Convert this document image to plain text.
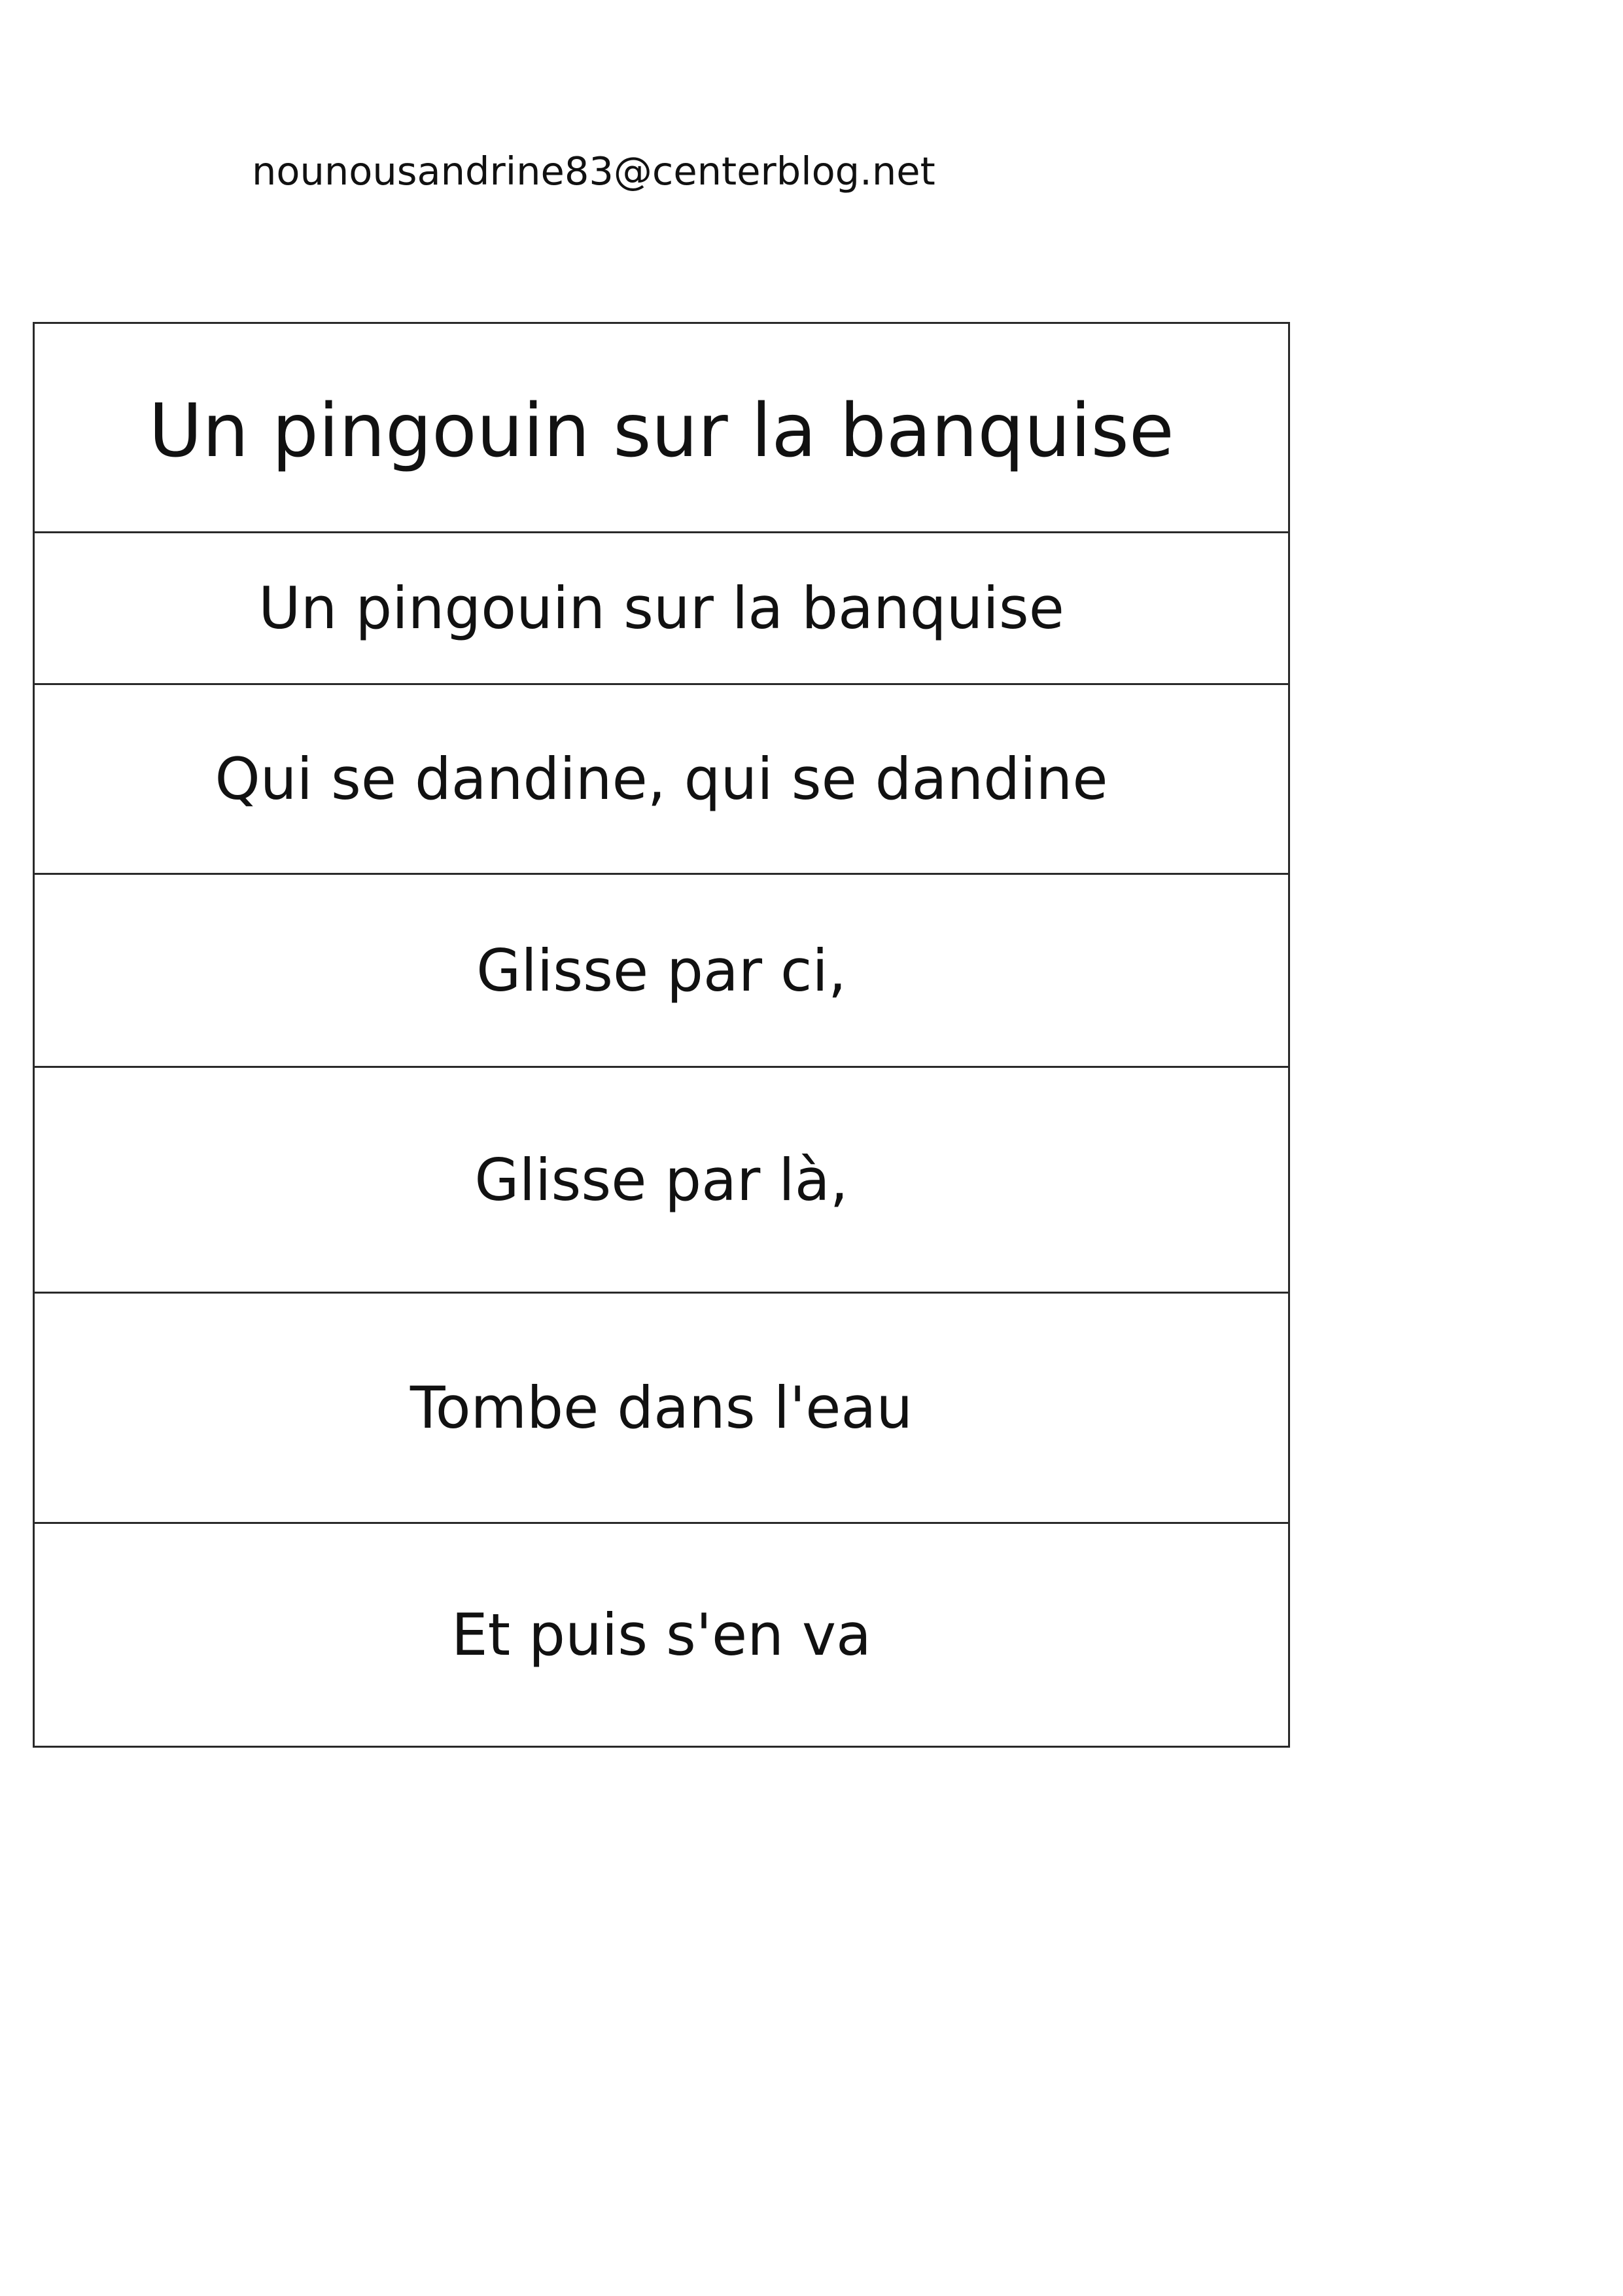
nounousandrine83@centerblog.net
Un pingouin sur la banquise
Un pingouin sur la banquise
Qui se dandine, qui se dandine
Glisse par ci,
Glisse par là,
Tombe dans l'eau
Et puis s'en va
